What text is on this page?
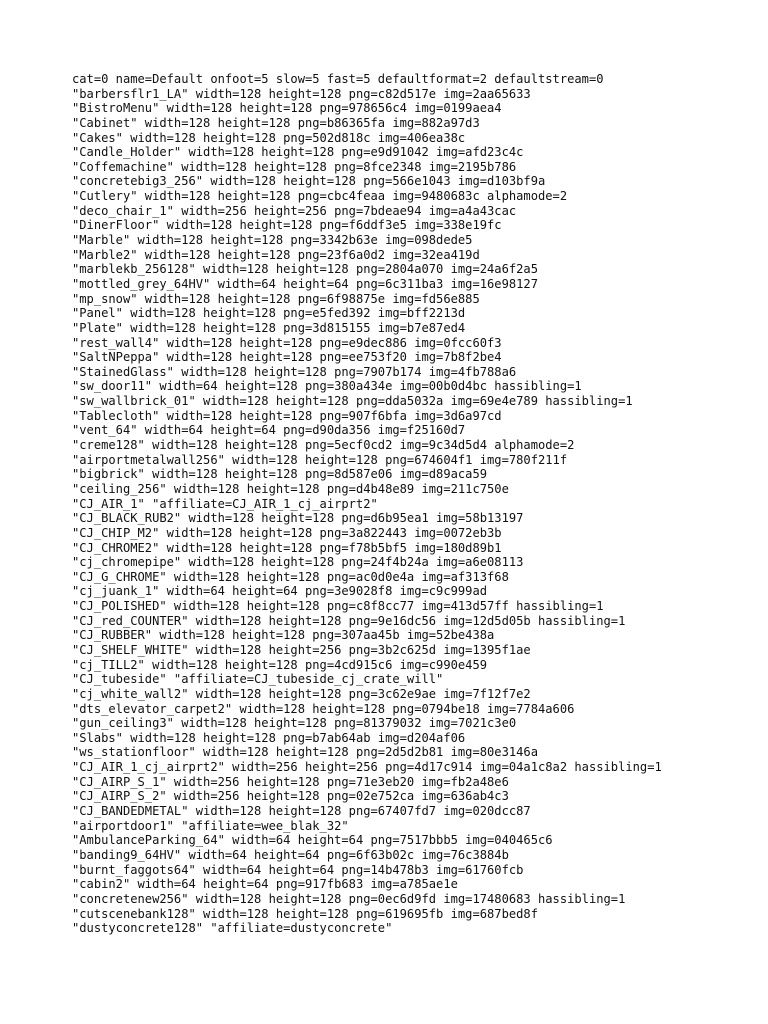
cat=0 name=Default onfoot=5 slow=5 fast=5 defaultformat=2 defaultstream=0
"barbersflr1_LA" width=128 height=128 png=c82d517e img=2aa65633
"BistroMenu" width=128 height=128 png=978656c4 img=0199aea4
"Cabinet" width=128 height=128 png=b86365fa img=882a97d3
"Cakes" width=128 height=128 png=502d818c img=406ea38c
"Candle_Holder" width=128 height=128 png=e9d91042 img=afd23c4c
"Coffemachine" width=128 height=128 png=8fce2348 img=2195b786
"concretebig3_256" width=128 height=128 png=566e1043 img=d103bf9a
"Cutlery" width=128 height=128 png=cbc4feaa img=9480683c alphamode=2
"deco_chair_1" width=256 height=256 png=7bdeae94 img=a4a43cac
"DinerFloor" width=128 height=128 png=f6ddf3e5 img=338e19fc
"Marble" width=128 height=128 png=3342b63e img=098dede5
"Marble2" width=128 height=128 png=23f6a0d2 img=32ea419d
"marblekb_256128" width=128 height=128 png=2804a070 img=24a6f2a5
"mottled_grey_64HV" width=64 height=64 png=6c311ba3 img=16e98127
"mp_snow" width=128 height=128 png=6f98875e img=fd56e885
"Panel" width=128 height=128 png=e5fed392 img=bff2213d
"Plate" width=128 height=128 png=3d815155 img=b7e87ed4
"rest_wall4" width=128 height=128 png=e9dec886 img=0fcc60f3
"SaltNPeppa" width=128 height=128 png=ee753f20 img=7b8f2be4
"StainedGlass" width=128 height=128 png=7907b174 img=4fb788a6
"sw_door11" width=64 height=128 png=380a434e img=00b0d4bc hassibling=1
"sw_wallbrick_01" width=128 height=128 png=dda5032a img=69e4e789 hassibling=1
"Tablecloth" width=128 height=128 png=907f6bfa img=3d6a97cd
"vent_64" width=64 height=64 png=d90da356 img=f25160d7
"creme128" width=128 height=128 png=5ecf0cd2 img=9c34d5d4 alphamode=2
"airportmetalwall256" width=128 height=128 png=674604f1 img=780f211f
"bigbrick" width=128 height=128 png=8d587e06 img=d89aca59
"ceiling_256" width=128 height=128 png=d4b48e89 img=211c750e
"CJ_AIR_1" "affiliate=CJ_AIR_1_cj_airprt2"
"CJ_BLACK_RUB2" width=128 height=128 png=d6b95ea1 img=58b13197
"CJ_CHIP_M2" width=128 height=128 png=3a822443 img=0072eb3b
"CJ_CHROME2" width=128 height=128 png=f78b5bf5 img=180d89b1
"cj_chromepipe" width=128 height=128 png=24f4b24a img=a6e08113
"CJ_G_CHROME" width=128 height=128 png=ac0d0e4a img=af313f68
"cj_juank_1" width=64 height=64 png=3e9028f8 img=c9c999ad
"CJ_POLISHED" width=128 height=128 png=c8f8cc77 img=413d57ff hassibling=1
"CJ_red_COUNTER" width=128 height=128 png=9e16dc56 img=12d5d05b hassibling=1
"CJ_RUBBER" width=128 height=128 png=307aa45b img=52be438a
"CJ_SHELF_WHITE" width=128 height=256 png=3b2c625d img=1395f1ae
"cj_TILL2" width=128 height=128 png=4cd915c6 img=c990e459
"CJ_tubeside" "affiliate=CJ_tubeside_cj_crate_will"
"cj_white_wall2" width=128 height=128 png=3c62e9ae img=7f12f7e2
"dts_elevator_carpet2" width=128 height=128 png=0794be18 img=7784a606
"gun_ceiling3" width=128 height=128 png=81379032 img=7021c3e0
"Slabs" width=128 height=128 png=b7ab64ab img=d204af06
"ws_stationfloor" width=128 height=128 png=2d5d2b81 img=80e3146a
"CJ_AIR_1_cj_airprt2" width=256 height=256 png=4d17c914 img=04a1c8a2 hassibling=1
"CJ_AIRP_S_1" width=256 height=128 png=71e3eb20 img=fb2a48e6
"CJ_AIRP_S_2" width=256 height=128 png=02e752ca img=636ab4c3
"CJ_BANDEDMETAL" width=128 height=128 png=67407fd7 img=020dcc87
"airportdoor1" "affiliate=wee_blak_32"
"AmbulanceParking_64" width=64 height=64 png=7517bbb5 img=040465c6
"banding9_64HV" width=64 height=64 png=6f63b02c img=76c3884b
"burnt_faggots64" width=64 height=64 png=14b478b3 img=61760fcb
"cabin2" width=64 height=64 png=917fb683 img=a785ae1e
"concretenew256" width=128 height=128 png=0ec6d9fd img=17480683 hassibling=1
"cutscenebank128" width=128 height=128 png=619695fb img=687bed8f
"dustyconcrete128" "affiliate=dustyconcrete"
